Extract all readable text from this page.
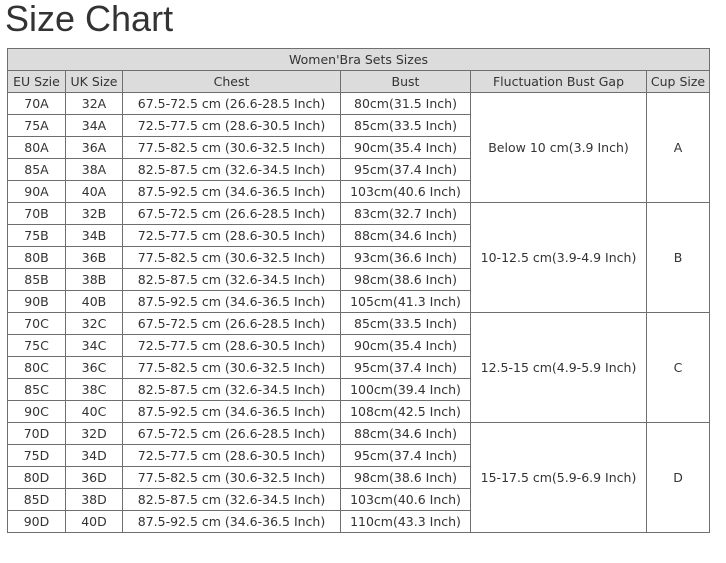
Size Chart
Women'Bra Sets Sizes					
EU Szie	UK Size	Chest	Bust	Fluctuation Bust Gap	Cup Size
70A	32A	67.5-72.5 cm (26.6-28.5 Inch)	80cm(31.5 Inch)	Below 10 cm(3.9 Inch)	A
75A	34A	72.5-77.5 cm (28.6-30.5 Inch)	85cm(33.5 Inch)		
80A	36A	77.5-82.5 cm (30.6-32.5 Inch)	90cm(35.4 Inch)		
85A	38A	82.5-87.5 cm (32.6-34.5 Inch)	95cm(37.4 Inch)		
90A	40A	87.5-92.5 cm (34.6-36.5 Inch)	103cm(40.6 Inch)		
70B	32B	67.5-72.5 cm (26.6-28.5 Inch)	83cm(32.7 Inch)	10-12.5 cm(3.9-4.9 Inch)	B
75B	34B	72.5-77.5 cm (28.6-30.5 Inch)	88cm(34.6 Inch)		
80B	36B	77.5-82.5 cm (30.6-32.5 Inch)	93cm(36.6 Inch)		
85B	38B	82.5-87.5 cm (32.6-34.5 Inch)	98cm(38.6 Inch)		
90B	40B	87.5-92.5 cm (34.6-36.5 Inch)	105cm(41.3 Inch)		
70C	32C	67.5-72.5 cm (26.6-28.5 Inch)	85cm(33.5 Inch)	12.5-15 cm(4.9-5.9 Inch)	C
75C	34C	72.5-77.5 cm (28.6-30.5 Inch)	90cm(35.4 Inch)		
80C	36C	77.5-82.5 cm (30.6-32.5 Inch)	95cm(37.4 Inch)		
85C	38C	82.5-87.5 cm (32.6-34.5 Inch)	100cm(39.4 Inch)		
90C	40C	87.5-92.5 cm (34.6-36.5 Inch)	108cm(42.5 Inch)		
70D	32D	67.5-72.5 cm (26.6-28.5 Inch)	88cm(34.6 Inch)	15-17.5 cm(5.9-6.9 Inch)	D
75D	34D	72.5-77.5 cm (28.6-30.5 Inch)	95cm(37.4 Inch)		
80D	36D	77.5-82.5 cm (30.6-32.5 Inch)	98cm(38.6 Inch)		
85D	38D	82.5-87.5 cm (32.6-34.5 Inch)	103cm(40.6 Inch)		
90D	40D	87.5-92.5 cm (34.6-36.5 Inch)	110cm(43.3 Inch)		
